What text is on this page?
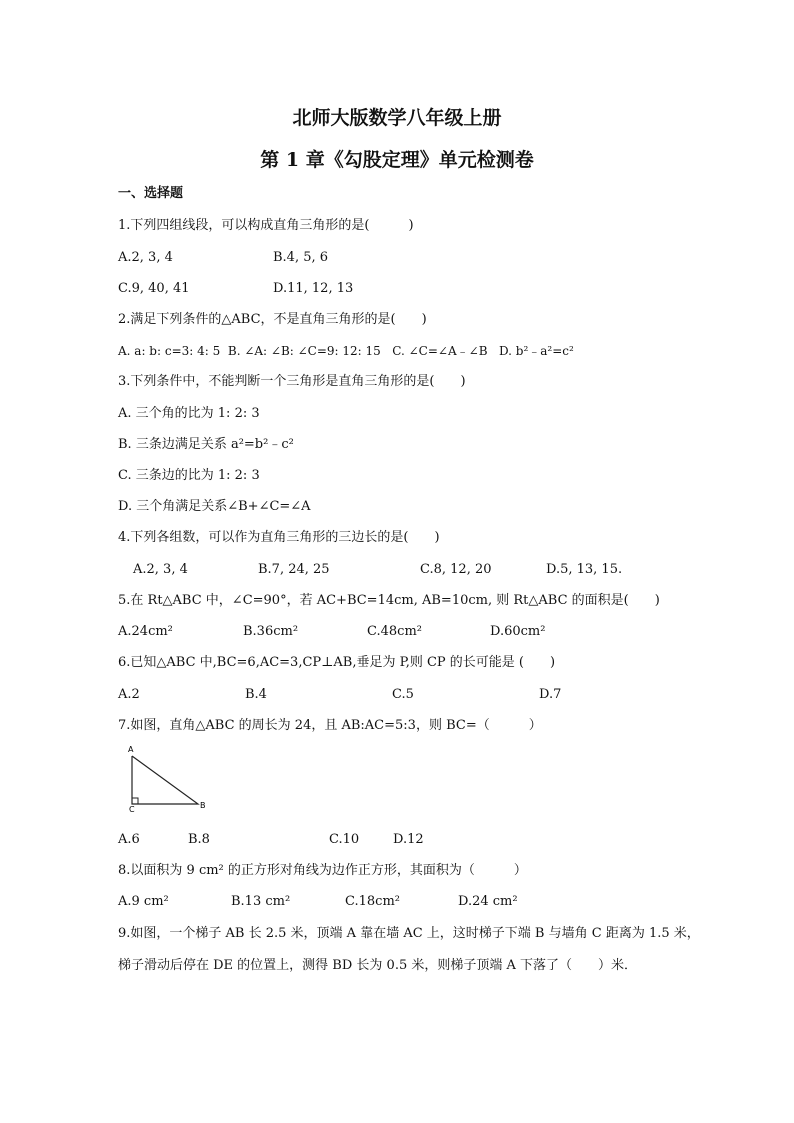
北师大版数学八年级上册
第 1 章《勾股定理》单元检测卷
一、选择题
1.下列四组线段，可以构成直角三角形的是(　　　)
A.2, 3, 4	B.4, 5, 6
C.9, 40, 41	D.11, 12, 13
2.满足下列条件的△ABC，不是直角三角形的是(　　)
A. a: b: c=3: 4: 5  B. ∠A: ∠B: ∠C=9: 12: 15   C. ∠C=∠A﹣∠B   D. b²﹣a²=c²
3.下列条件中，不能判断一个三角形是直角三角形的是(　　)
A. 三个角的比为 1: 2: 3
B. 三条边满足关系 a²=b²﹣c²
C. 三条边的比为 1: 2: 3
D. 三个角满足关系∠B+∠C=∠A
4.下列各组数，可以作为直角三角形的三边长的是(　　)
A.2, 3, 4	B.7, 24, 25	C.8, 12, 20	D.5, 13, 15.
5.在 Rt△ABC 中，∠C=90°，若 AC+BC=14cm, AB=10cm, 则 Rt△ABC 的面积是(　　)
A.24cm²	B.36cm²	C.48cm²	D.60cm²
6.已知△ABC 中,BC=6,AC=3,CP⊥AB,垂足为 P,则 CP 的长可能是 (　　)
A.2	B.4	C.5	D.7
7.如图，直角△ABC 的周长为 24，且 AB:AC=5:3，则 BC=（　　　）
A
B
C
A.6	B.8	C.10	D.12
8.以面积为 9 cm² 的正方形对角线为边作正方形，其面积为（　　　）
A.9 cm²	B.13 cm²	C.18cm²	D.24 cm²
9.如图，一个梯子 AB 长 2.5 米，顶端 A 靠在墙 AC 上，这时梯子下端 B 与墙角 C 距离为 1.5 米，
梯子滑动后停在 DE 的位置上，测得 BD 长为 0.5 米，则梯子顶端 A 下落了（　　）米．
